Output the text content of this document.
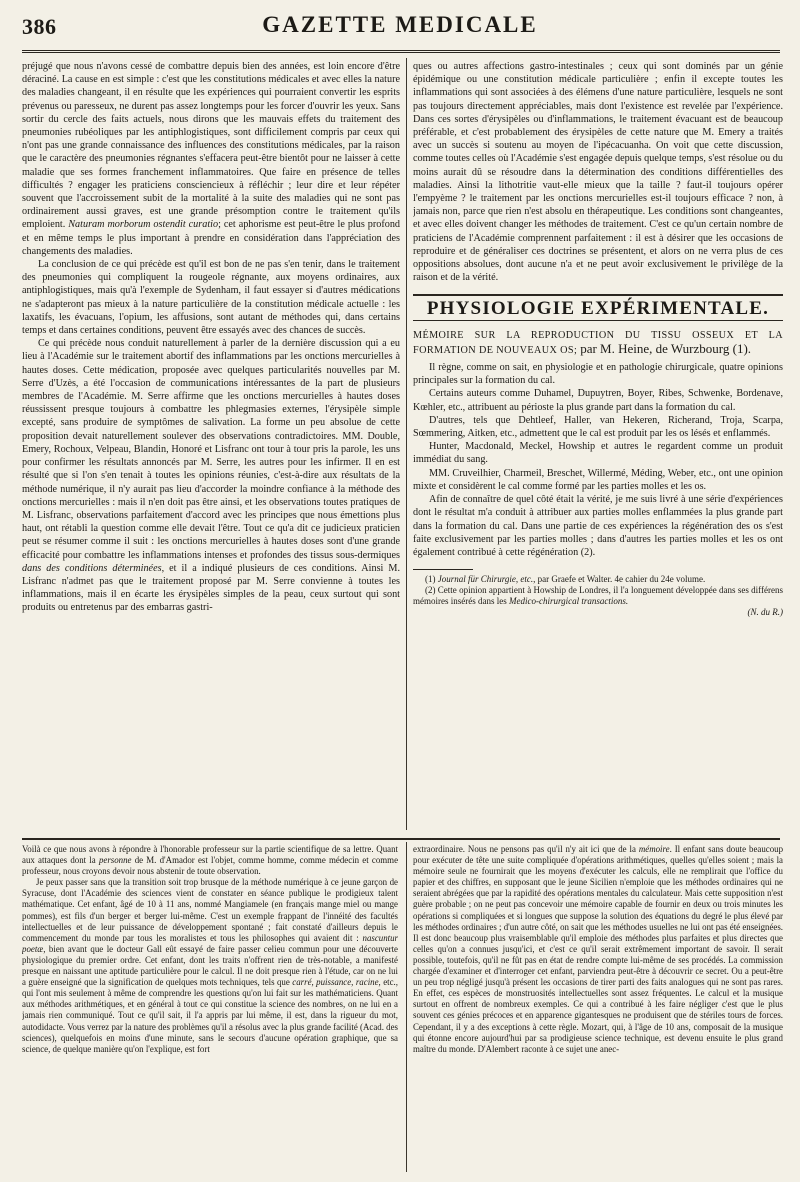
386	GAZETTE MEDICALE

préjugé que nous n'avons cessé de combattre depuis bien des années, est loin encore d'être déraciné. La cause en est simple : c'est que les constitutions médicales et avec elles la nature des maladies changeant, il en résulte que les expériences qui pourraient convertir les esprits prévenus ou paresseux, ne durent pas assez longtemps pour les forcer d'ouvrir les yeux. Sans sortir du cercle des faits actuels, nous dirons que les mauvais effets du traitement des pneumonies rubéoliques par les antiphlogistiques, sont difficilement compris par ceux qui n'ont pas une grande connaissance des influences des constitutions médicales, par la raison que le caractère des pneumonies régnantes s'effacera peut-être bientôt pour ne laisser à cette maladie que ses formes franchement inflammatoires. Que faire en présence de telles difficultés ? engager les praticiens consciencieux à réfléchir ; leur dire et leur répéter souvent que l'accroissement subit de la mortalité à la suite des maladies qui ne sont pas ordinairement aussi graves, est une grande présomption contre le traitement qu'ils emploient. Naturam morborum ostendit curatio; cet aphorisme est peut-être le plus profond et en même temps le plus important à prendre en considération dans l'appréciation des changements des maladies.

La conclusion de ce qui précède est qu'il est bon de ne pas s'en tenir, dans le traitement des pneumonies qui compliquent la rougeole régnante, aux moyens ordinaires, aux antiphlogistiques, mais qu'à l'exemple de Sydenham, il faut essayer si d'autres médications ne s'adapteront pas mieux à la nature particulière de la constitution médicale actuelle : les laxatifs, les évacuans, l'opium, les affusions, sont autant de méthodes qui, dans certains temps et dans certaines conditions, peuvent être essayés avec des chances de succès.

Ce qui précède nous conduit naturellement à parler de la dernière discussion qui a eu lieu à l'Académie sur le traitement abortif des inflammations par les onctions mercurielles à hautes doses. Cette médication, proposée avec quelques particularités nouvelles par M. Serre d'Uzès, a été l'occasion de communications intéressantes de la part de plusieurs membres de l'Académie. M. Serre affirme que les onctions mercurielles à hautes doses réussissent presque toujours à combattre les phlegmasies externes, l'érysipèle simple excepté, sans produire de symptômes de salivation. La forme un peu absolue de cette proposition devait naturellement soulever des observations contradictoires. MM. Double, Emery, Rochoux, Velpeau, Blandin, Honoré et Lisfranc ont tour à tour pris la parole, les uns pour confirmer les résultats annoncés par M. Serre, les autres pour les infirmer. Il en est résulté que si l'on s'en tenait à toutes les opinions réunies, c'est-à-dire aux résultats de la méthode numérique, il n'y aurait pas lieu d'accorder la moindre confiance à la méthode des onctions mercurielles : mais il n'en doit pas être ainsi, et les observations toutes pratiques de M. Lisfranc, observations parfaitement d'accord avec les principes que nous émettions plus haut, ont rétabli la question comme elle devait l'être. Tout ce qu'a dit ce judicieux praticien peut se résumer comme il suit : les onctions mercurielles à hautes doses sont d'une grande efficacité pour combattre les inflammations intenses et profondes des tissus sous-dermiques dans des conditions déterminées, et il a indiqué plusieurs de ces conditions. Ainsi M. Lisfranc n'admet pas que le traitement proposé par M. Serre convienne à toutes les inflammations, mais il en écarte les érysipèles simples de la peau, ceux surtout qui sont produits ou entretenus par des embarras gastri-

ques ou autres affections gastro-intestinales ; ceux qui sont dominés par un génie épidémique ou une constitution médicale particulière ; enfin il excepte toutes les inflammations qui sont associées à des élémens d'une nature particulière, lesquels ne sont pas toujours directement appréciables, mais dont l'existence est revelée par l'expérience. Dans ces sortes d'érysipèles ou d'inflammations, le traitement évacuant est de beaucoup préférable, et c'est probablement des érysipèles de cette nature que M. Emery a traités avec un succès si soutenu au moyen de l'ipécacuanha. On voit que cette discussion, comme toutes celles où l'Académie s'est engagée depuis quelque temps, s'est résolue ou du moins aurait dû se résoudre dans la détermination des conditions différentielles des maladies. Ainsi la lithotritie vaut-elle mieux que la taille ? faut-il toujours opérer l'empyème ? le traitement par les onctions mercurielles est-il toujours efficace ? non, à jamais non, parce que rien n'est absolu en thérapeutique. Les conditions sont changeantes, et avec elles doivent changer les méthodes de traitement. C'est ce qu'un certain nombre de praticiens de l'Académie comprennent parfaitement : il est à désirer que les occasions de reproduire et de généraliser ces doctrines se présentent, et alors on ne verra plus de ces oppositions absolues, dont aucune n'a et ne peut avoir exclusivement le privilège de la raison et de la vérité.

PHYSIOLOGIE EXPÉRIMENTALE.
MÉMOIRE SUR LA REPRODUCTION DU TISSU OSSEUX ET LA FORMATION DE NOUVEAUX OS; par M. Heine, de Wurzbourg (1).

Il règne, comme on sait, en physiologie et en pathologie chirurgicale, quatre opinions principales sur la formation du cal.

Certains auteurs comme Duhamel, Dupuytren, Boyer, Ribes, Schwenke, Bordenave, Kœhler, etc., attribuent au périoste la plus grande part dans la formation du cal.

D'autres, tels que Dehtleef, Haller, van Hekeren, Richerand, Troja, Scarpa, Sœmmering, Aitken, etc., admettent que le cal est produit par les os lésés et enflammés.

Hunter, Macdonald, Meckel, Howship et autres le regardent comme un produit immédiat du sang.

MM. Cruveilhier, Charmeil, Breschet, Willermé, Méding, Weber, etc., ont une opinion mixte et considèrent le cal comme formé par les parties molles et les os.

Afin de connaître de quel côté était la vérité, je me suis livré à une série d'expériences dont le résultat m'a conduit à attribuer aux parties molles enflammées la plus grande part dans la formation du cal. Dans une partie de ces expériences la régénération des os s'est faite exclusivement par les parties molles ; dans d'autres les parties molles et les os ont également contribué à cette régénération (2).

(1) Journal für Chirurgie, etc., par Graefe et Walter. 4e cahier du 24e volume.

(2) Cette opinion appartient à Howship de Londres, il l'a longuement développée dans ses différens mémoires insérés dans les Medico-chirurgical transactions.

(N. du R.)

Voilà ce que nous avons à répondre à l'honorable professeur sur la partie scientifique de sa lettre. Quant aux attaques dont la personne de M. d'Amador est l'objet, comme homme, comme médecin et comme professeur, nous croyons devoir nous abstenir de toute observation.

Je peux passer sans que la transition soit trop brusque de la méthode numérique à ce jeune garçon de Syracuse, dont l'Académie des sciences vient de constater en séance publique le prodigieux talent mathématique. Cet enfant, âgé de 10 à 11 ans, nommé Mangiamele (en français mange miel ou mange pommes), est fils d'un berger et berger lui-même. C'est un exemple frappant de l'innéité des facultés intellectuelles et de leur puissance de développement spontané ; fait constaté d'ailleurs depuis le commencement du monde par tous les moralistes et tous les philosophes qui avaient dit : nascuntur poetæ, bien avant que le docteur Gall eût essayé de faire passer celieu commun pour une découverte physiologique du premier ordre. Cet enfant, dont les traits n'offrent rien de très-notable, a manifesté presque en naissant une aptitude particulière pour le calcul. Il ne doit presque rien à l'étude, car on ne lui a guère enseigné que la signification de quelques mots techniques, tels que carré, puissance, racine, etc., qui l'ont mis seulement à même de comprendre les questions qu'on lui fait sur les mathématiciens. Quant aux méthodes arithmétiques, et en général à tout ce qui constitue la science des nombres, on ne lui en a jamais rien communiqué. Tout ce qu'il sait, il l'a appris par lui même, il est, dans la rigueur du mot, autodidacte. Vous verrez par la nature des problèmes qu'il a résolus avec la plus grande facilité (Acad. des sciences), quelquefois en moins d'une minute, sans le secours d'aucune opération graphique, que sa science, de quelque manière qu'on l'explique, est fort

extraordinaire. Nous ne pensons pas qu'il n'y ait ici que de la mémoire. Il enfant sans doute beaucoup pour exécuter de tête une suite compliquée d'opérations arithmétiques, quelles qu'elles soient ; mais la mémoire seule ne fournirait que les moyens d'exécuter les calculs, elle ne remplirait que l'office du papier et des chiffres, en supposant que le jeune Sicilien n'emploie que les méthodes ordinaires qui ne seraient abrégées que par la rapidité des opérations mentales du calculateur. Mais cette supposition n'est guère probable ; on ne peut pas concevoir une mémoire capable de fournir en deux ou trois minutes les opérations si compliquées et si longues que suppose la solution des équations du degré le plus élevé par les méthodes ordinaires ; d'un autre côté, on sait que les méthodes usuelles ne lui ont pas été enseignées. Il est donc beaucoup plus vraisemblable qu'il emploie des méthodes plus parfaites et plus directes que celles qu'on a connues jusqu'ici, et c'est ce qu'il serait extrêmement important de savoir. Il serait possible, toutefois, qu'il ne fût pas en état de rendre compte lui-même de ses procédés. La commission chargée d'examiner et d'interroger cet enfant, parviendra peut-être à découvrir ce secret. Ou a peut-être un peu trop négligé jusqu'à présent les occasions de tirer parti des faits analogues qui ne sont pas rares. En effet, ces espèces de monstruosités intellectuelles sont assez fréquentes. Le calcul et la musique surtout en offrent de nombreux exemples. Ce qui a contribué à les faire négliger c'est que le plus souvent ces génies précoces et en apparence gigantesques ne produisent que de stériles tours de forces. Cependant, il y a des exceptions à cette règle. Mozart, qui, à l'âge de 10 ans, composait de la musique qui étonne encore aujourd'hui par sa prodigieuse science technique, est devenu ensuite le plus grand maître du monde. D'Alembert raconte à ce sujet une anec-
